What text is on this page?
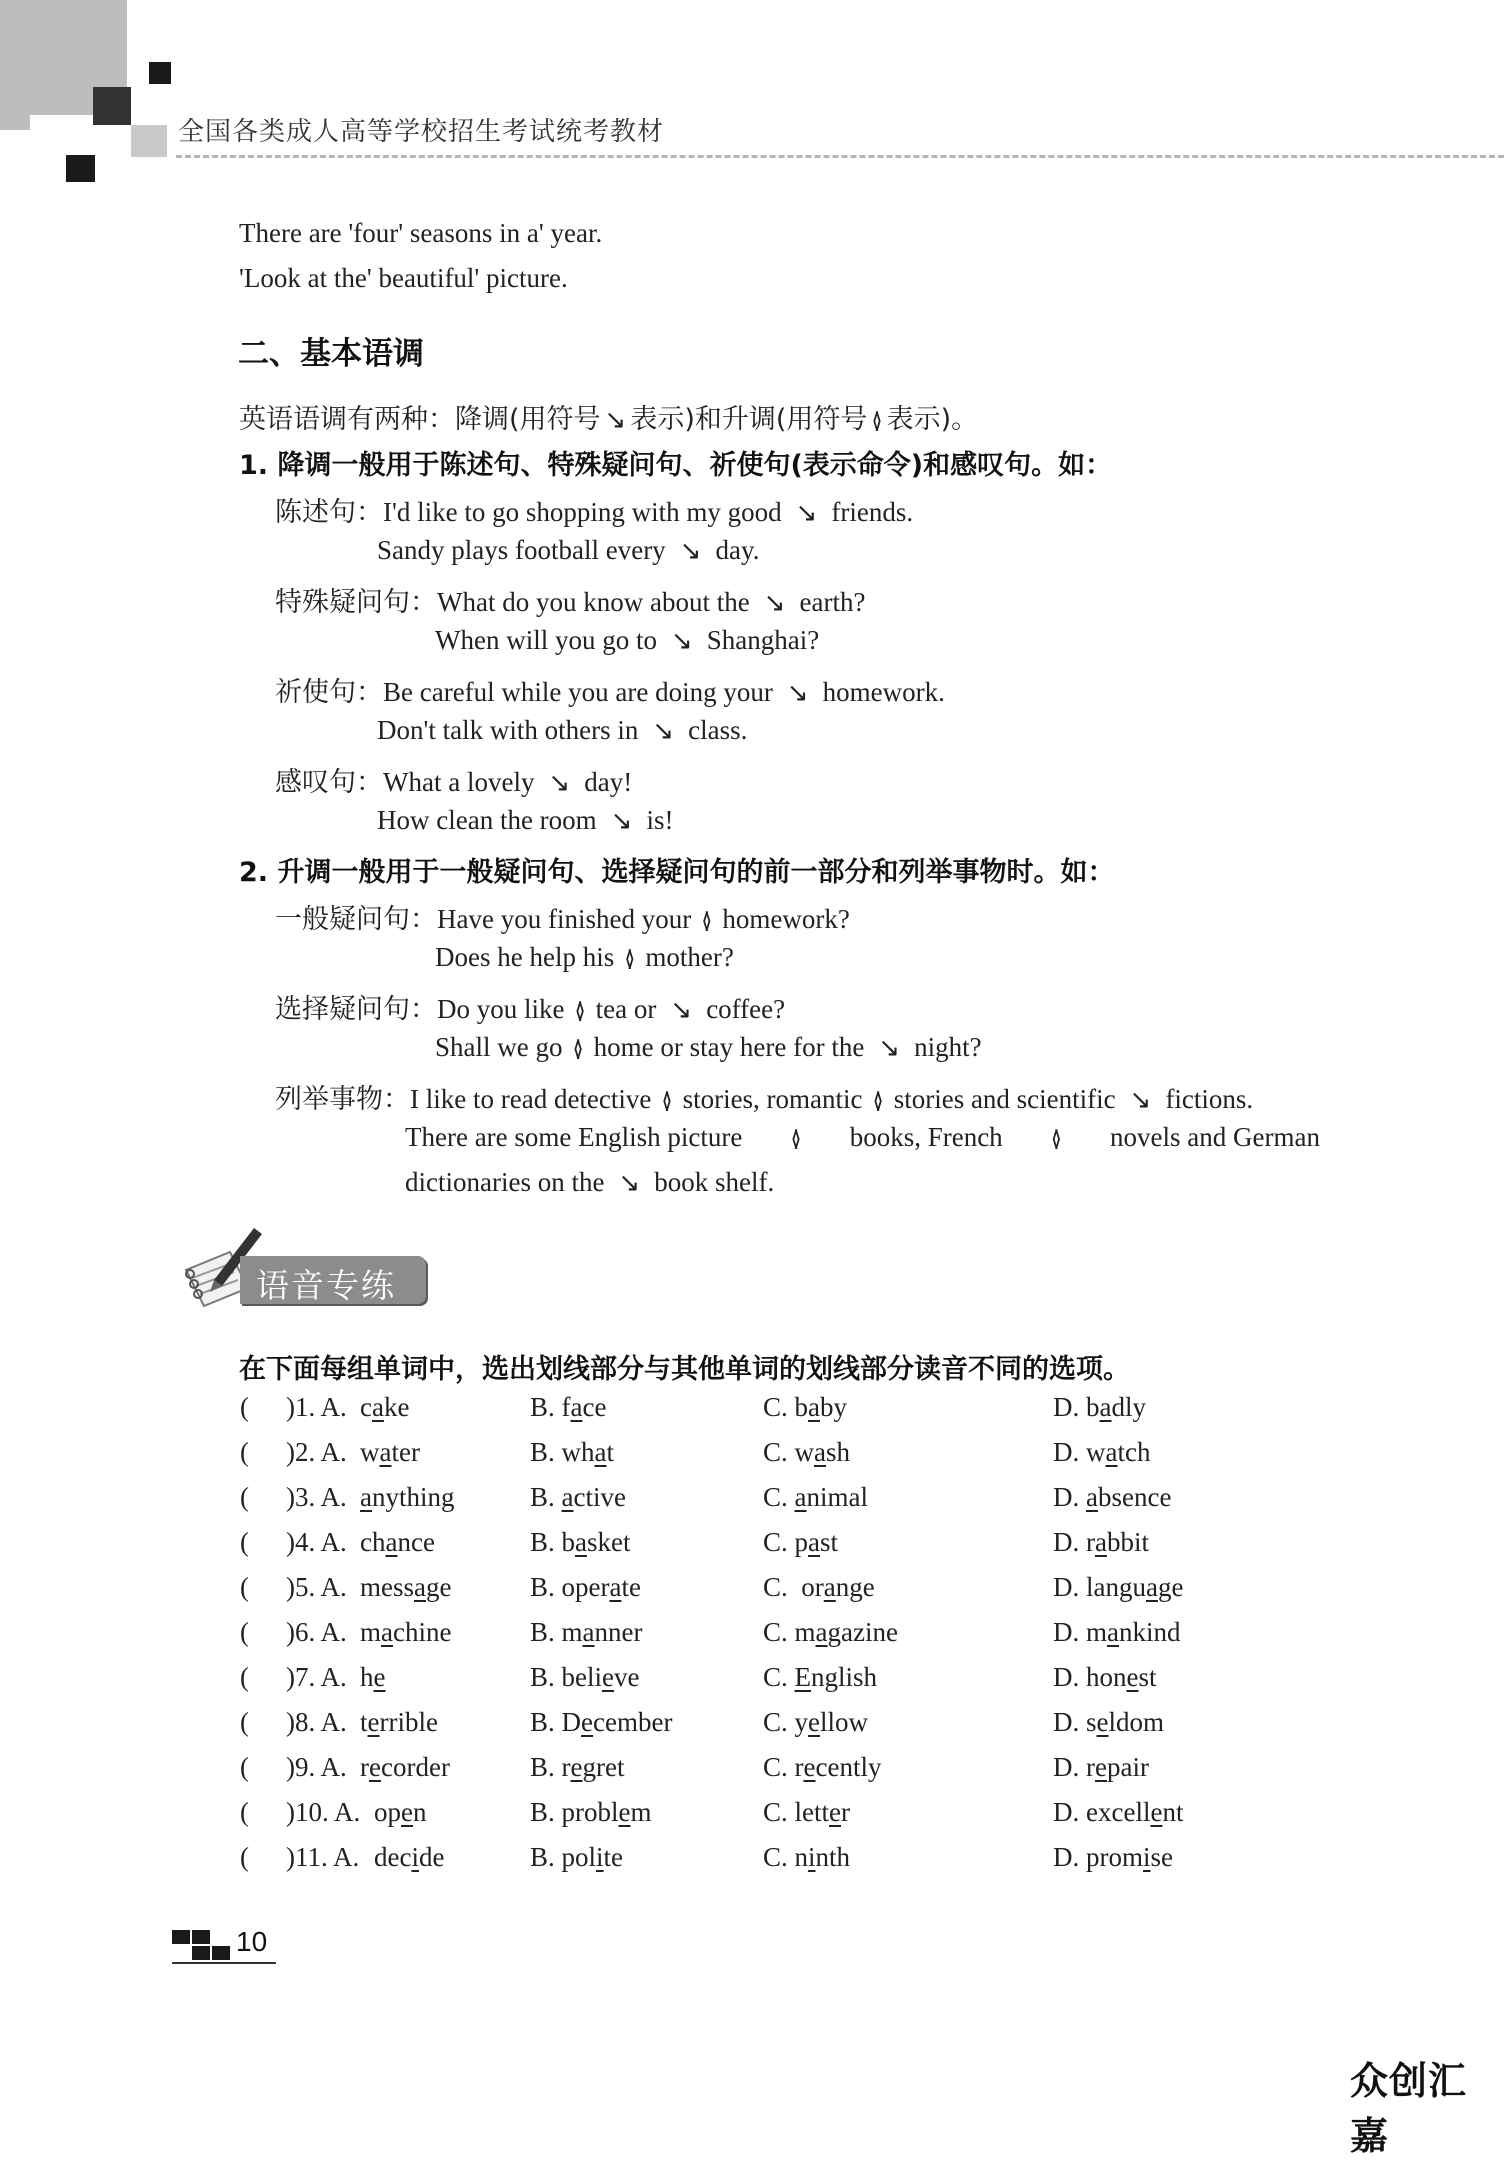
全国各类成人高等学校招生考试统考教材
There are 'four' seasons in a' year.
'Look at the' beautiful' picture.
二、基本语调
英语语调有两种：降调(用符号 ↘ 表示)和升调(用符号 ⟨⟩ 表示)。
1. 降调一般用于陈述句、特殊疑问句、祈使句(表示命令)和感叹句。如：
陈述句：I'd like to go shopping with my good ↘ friends.
Sandy plays football every ↘ day.
特殊疑问句：What do you know about the ↘ earth?
When will you go to ↘ Shanghai?
祈使句：Be careful while you are doing your ↘ homework.
Don't talk with others in ↘ class.
感叹句：What a lovely ↘ day!
How clean the room ↘ is!
2. 升调一般用于一般疑问句、选择疑问句的前一部分和列举事物时。如：
一般疑问句：Have you finished your ⟨⟩ homework?
Does he help his ⟨⟩ mother?
选择疑问句：Do you like ⟨⟩ tea or ↘ coffee?
Shall we go ⟨⟩ home or stay here for the ↘ night?
列举事物：I like to read detective ⟨⟩ stories, romantic ⟨⟩ stories and scientific ↘ fictions.
There are some English picture ⟨⟩ books, French ⟨⟩ novels and German
dictionaries on the ↘ book shelf.
语音专练
在下面每组单词中，选出划线部分与其他单词的划线部分读音不同的选项。
( )1. A. cake	B. face	C. baby	D. badly
( )2. A. water	B. what	C. wash	D. watch
( )3. A. anything	B. active	C. animal	D. absence
( )4. A. chance	B. basket	C. past	D. rabbit
( )5. A. message	B. operate	C.  orange	D. language
( )6. A. machine	B. manner	C. magazine	D. mankind
( )7. A. he	B. believe	C. English	D. honest
( )8. A. terrible	B. December	C. yellow	D. seldom
( )9. A. recorder	B. regret	C. recently	D. repair
( )10. A. open	B. problem	C. letter	D. excellent
( )11. A. decide	B. polite	C. ninth	D. promise
10
众创汇嘉
